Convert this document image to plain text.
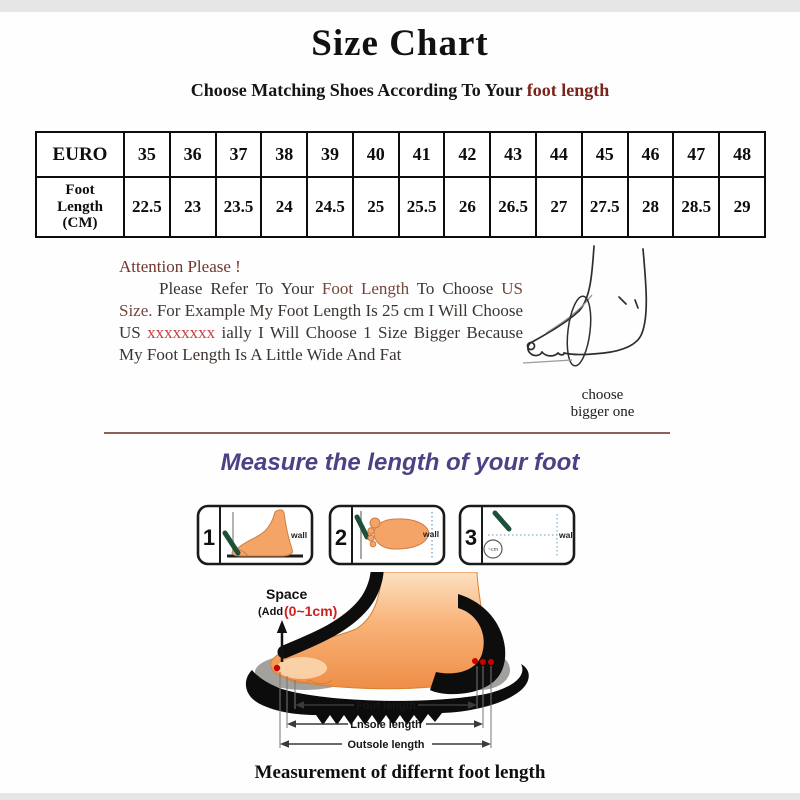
Size Chart
Choose Matching Shoes According To Your foot length
EURO	35	36	37	38	39	40	41	42	43	44	45	46	47	48
Foot Length (CM)	22.5	23	23.5	24	24.5	25	25.5	26	26.5	27	27.5	28	28.5	29
Attention Please !

Please Refer To Your Foot Length To Choose US Size. For Example My Foot Length Is 25 cm I Will Choose US xxxxxxxx ially I Will Choose 1 Size Bigger Because My Foot Length Is A Little Wide And Fat

choose
bigger one
Measure the length of your foot
1	wall 2	wall 3 ~cm
wall
Space
(Add (0~1cm)
Foot length
Lnsole length
Outsole length
Measurement of differnt foot length
